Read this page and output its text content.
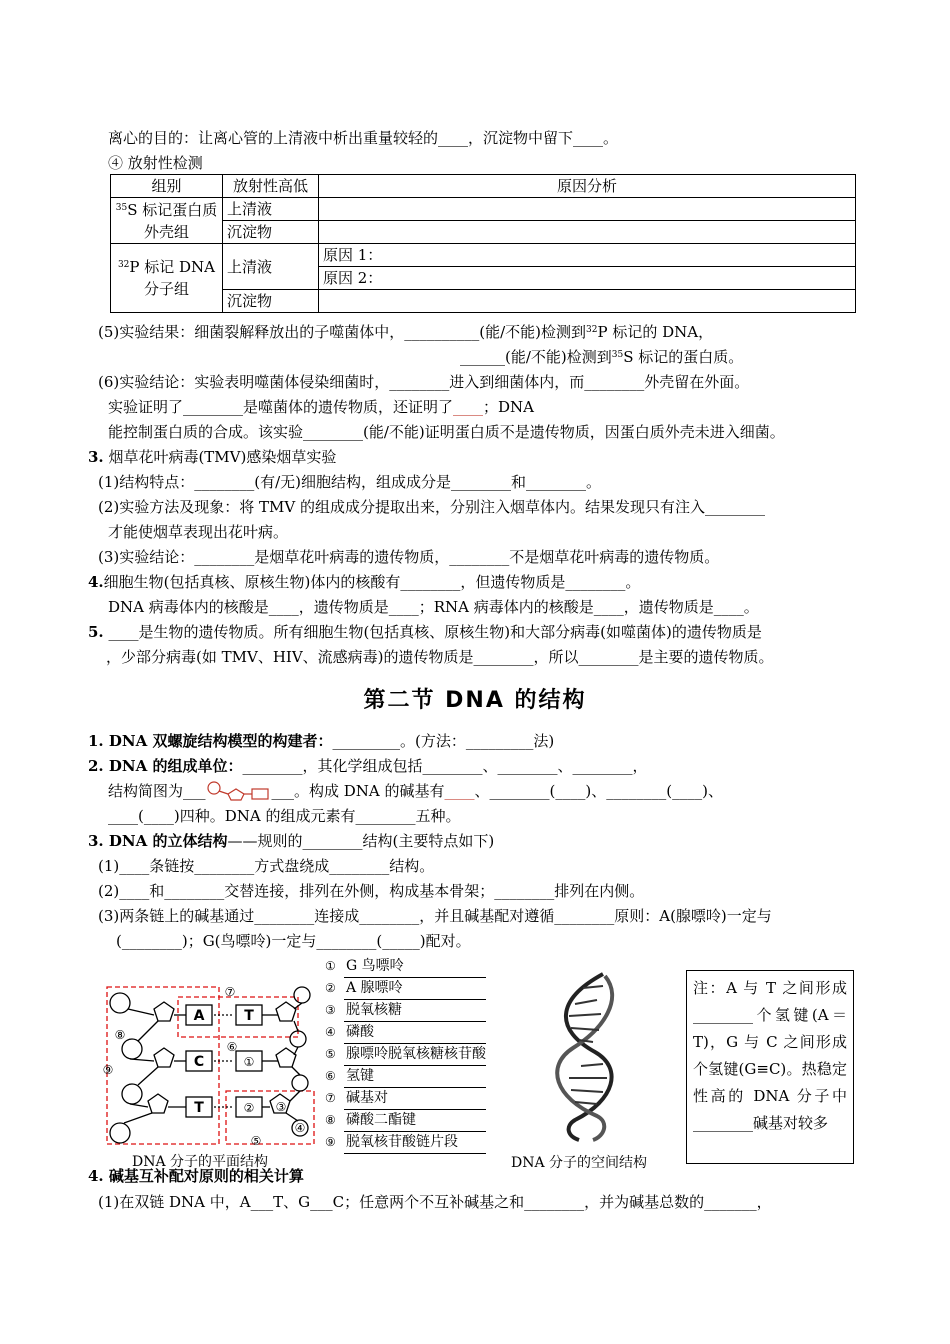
离心的目的：让离心管的上清液中析出重量较轻的____，沉淀物中留下____。
④ 放射性检测
组别	放射性高低	原因分析
$^{35}$S 标记蛋白质外壳组	上清液	
	沉淀物	
$^{32}$P 标记 DNA 分子组	上清液	原因 1：
		原因 2：
	沉淀物	
(5)实验结果：细菌裂解释放出的子噬菌体中，__________(能/不能)检测到$^{32}$P 标记的 DNA，
______(能/不能)检测到$^{35}$S 标记的蛋白质。
(6)实验结论：实验表明噬菌体侵染细菌时，________进入到细菌体内，而________外壳留在外面。
实验证明了________是噬菌体的遗传物质，还证明了____；DNA
能控制蛋白质的合成。该实验________(能/不能)证明蛋白质不是遗传物质，因蛋白质外壳未进入细菌。
3. 烟草花叶病毒(TMV)感染烟草实验
(1)结构特点：________(有/无)细胞结构，组成成分是________和________。
(2)实验方法及现象：将 TMV 的组成成分提取出来，分别注入烟草体内。结果发现只有注入________
才能使烟草表现出花叶病。
(3)实验结论：________是烟草花叶病毒的遗传物质，________不是烟草花叶病毒的遗传物质。
4.细胞生物(包括真核、原核生物)体内的核酸有________，但遗传物质是________。
DNA 病毒体内的核酸是____，遗传物质是____；RNA 病毒体内的核酸是____，遗传物质是____。
5. ____是生物的遗传物质。所有细胞生物(包括真核、原核生物)和大部分病毒(如噬菌体)的遗传物质是
，少部分病毒(如 TMV、HIV、流感病毒)的遗传物质是________，所以________是主要的遗传物质。
第二节 DNA 的结构
1. DNA 双螺旋结构模型的构建者：_________。(方法：_________法)
2. DNA 的组成单位：________，其化学组成包括________、________、________，
结构简图为___	___。构成 DNA 的碱基有____、________(____)、________(____)、
____(____)四种。DNA 的组成元素有________五种。
3. DNA 的立体结构——规则的________结构(主要特点如下)
(1)____条链按________方式盘绕成________结构。
(2)____和________交替连接，排列在外侧，构成基本骨架；________排列在内侧。
(3)两条链上的碱基通过________连接成________，并且碱基配对遵循________原则：A(腺嘌呤)一定与
(________)；G(鸟嘌呤)一定与________(_____)配对。
A	T
C
T
①
② ③
④
⑤
⑥
⑦
⑧
⑨
DNA 分子的平面结构
① G 鸟嘌呤
② A 腺嘌呤
③ 脱氧核糖
④ 磷酸
⑤ 腺嘌呤脱氧核糖核苷酸
⑥ 氢键
⑦ 碱基对
⑧ 磷酸二酯键
⑨ 脱氧核苷酸链片段
DNA 分子的空间结构
注：A 与 T 之间形成________个氢键(A＝T)，G 与 C 之间形成个氢键(G≡C)。热稳定性高的 DNA 分子中________碱基对较多
4. 碱基互补配对原则的相关计算
(1)在双链 DNA 中，A___T、G___C；任意两个不互补碱基之和________，并为碱基总数的_______，
